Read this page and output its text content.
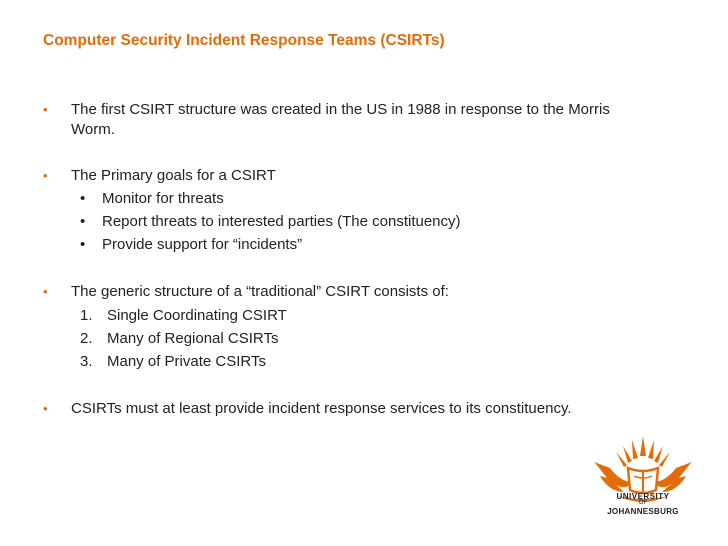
Computer Security Incident Response Teams (CSIRTs)
• The first CSIRT structure was created in the US in 1988 in response to the Morris
Worm.
• The Primary goals for a CSIRT
•	Monitor for threats
•	Report threats to interested parties (The constituency)
•	Provide support for “incidents”
• The generic structure of a “traditional” CSIRT consists of:
1. Single Coordinating CSIRT
2. Many of Regional CSIRTs
3. Many of Private CSIRTs
• CSIRTs must at least provide incident response services to its constituency.
UNIVERSITY
OF
JOHANNESBURG
